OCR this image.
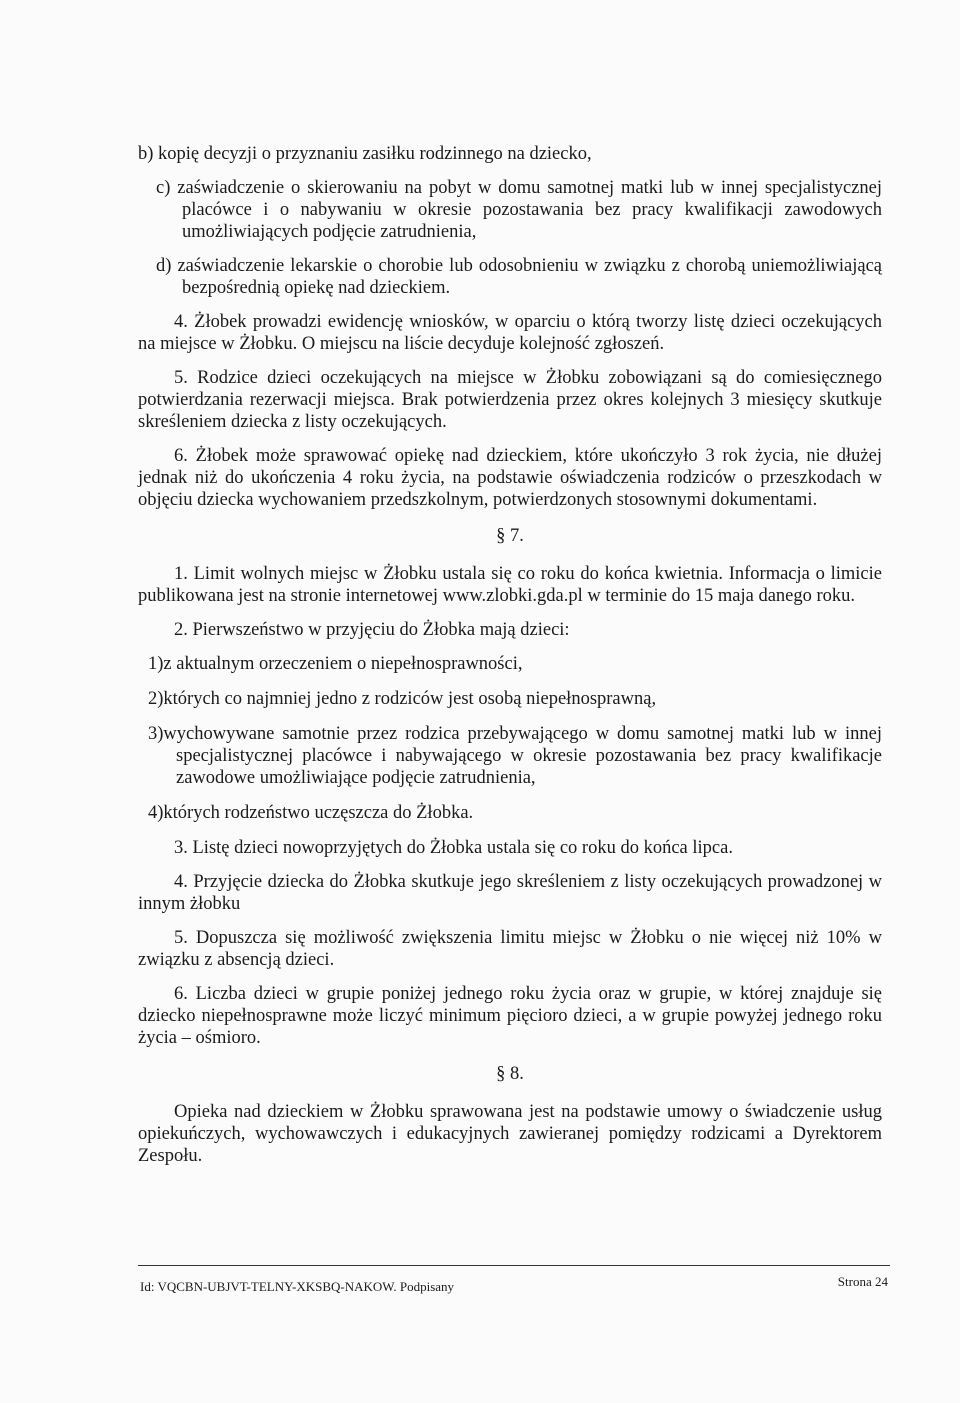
b) kopię decyzji o przyznaniu zasiłku rodzinnego na dziecko,

c) zaświadczenie o skierowaniu na pobyt w domu samotnej matki lub w innej specjalistycznej placówce i o nabywaniu w okresie pozostawania bez pracy kwalifikacji zawodowych umożliwiających podjęcie zatrudnienia,

d) zaświadczenie lekarskie o chorobie lub odosobnieniu w związku z chorobą uniemożliwiającą bezpośrednią opiekę nad dzieckiem.

4. Żłobek prowadzi ewidencję wniosków, w oparciu o którą tworzy listę dzieci oczekujących na miejsce w Żłobku. O miejscu na liście decyduje kolejność zgłoszeń.

5. Rodzice dzieci oczekujących na miejsce w Żłobku zobowiązani są do comiesięcznego potwierdzania rezerwacji miejsca. Brak potwierdzenia przez okres kolejnych 3 miesięcy skutkuje skreśleniem dziecka z listy oczekujących.

6. Żłobek może sprawować opiekę nad dzieckiem, które ukończyło 3 rok życia, nie dłużej jednak niż do ukończenia 4 roku życia, na podstawie oświadczenia rodziców o przeszkodach w objęciu dziecka wychowaniem przedszkolnym, potwierdzonych stosownymi dokumentami.

§ 7.

1. Limit wolnych miejsc w Żłobku ustala się co roku do końca kwietnia. Informacja o limicie publikowana jest na stronie internetowej www.zlobki.gda.pl w terminie do 15 maja danego roku.

2. Pierwszeństwo w przyjęciu do Żłobka mają dzieci:

1)z aktualnym orzeczeniem o niepełnosprawności,

2)których co najmniej jedno z rodziców jest osobą niepełnosprawną,

3)wychowywane samotnie przez rodzica przebywającego w domu samotnej matki lub w innej specjalistycznej placówce i nabywającego w okresie pozostawania bez pracy kwalifikacje zawodowe umożliwiające podjęcie zatrudnienia,

4)których rodzeństwo uczęszcza do Żłobka.

3. Listę dzieci nowoprzyjętych do Żłobka ustala się co roku do końca lipca.

4. Przyjęcie dziecka do Żłobka skutkuje jego skreśleniem z listy oczekujących prowadzonej w innym żłobku

5. Dopuszcza się możliwość zwiększenia limitu miejsc w Żłobku o nie więcej niż 10% w związku z absencją dzieci.

6. Liczba dzieci w grupie poniżej jednego roku życia oraz w grupie, w której znajduje się dziecko niepełnosprawne może liczyć minimum pięcioro dzieci, a w grupie powyżej jednego roku życia – ośmioro.

§ 8.

Opieka nad dzieckiem w Żłobku sprawowana jest na podstawie umowy o świadczenie usług opiekuńczych, wychowawczych i edukacyjnych zawieranej pomiędzy rodzicami a Dyrektorem Zespołu.

Id: VQCBN-UBJVT-TELNY-XKSBQ-NAKOW. Podpisany	Strona 24
